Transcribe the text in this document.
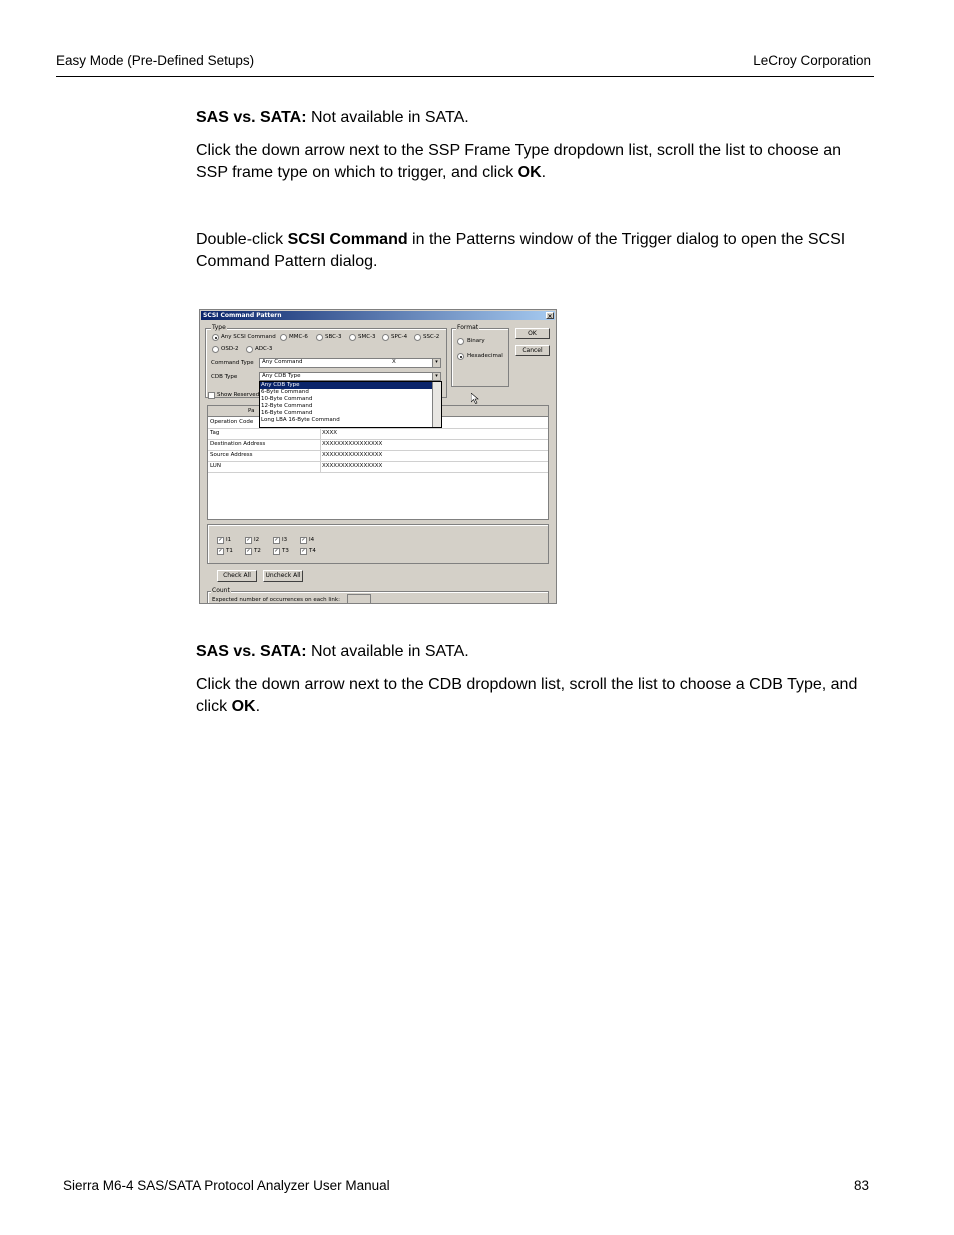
Easy Mode (Pre-Defined Setups)	LeCroy Corporation
SAS vs. SATA: Not available in SATA.
Click the down arrow next to the SSP Frame Type dropdown list, scroll the list to choose an SSP frame type on which to trigger, and click OK.
Double-click SCSI Command in the Patterns window of the Trigger dialog to open the SCSI Command Pattern dialog.
SCSI Command Pattern	×
Type
Any SCSI Command MMC-6	SBC-3	SMC-3	SPC-4	SSC-2
OSD-2	ADC-3
Command Type	Any Command	X	▾
CDB Type	Any CDB Type	▾
Show Reserved
Pa
Operation Code
Tag	XXXX
Destination Address	XXXXXXXXXXXXXXXX
Source Address	XXXXXXXXXXXXXXXX
LUN	XXXXXXXXXXXXXXXX
Any CDB Type
6-Byte Command
10-Byte Command
12-Byte Command
16-Byte Command
Long LBA 16-Byte Command
Format
Binary
Hexadecimal
OK
Cancel
✓ I1	✓ I2	✓ I3	✓ I4
✓ T1	✓ T2	✓ T3	✓ T4
Check All	Uncheck All
Count
Expected number of occurrences on each link:
SAS vs. SATA: Not available in SATA.
Click the down arrow next to the CDB dropdown list, scroll the list to choose a CDB Type, and click OK.
Sierra M6-4 SAS/SATA Protocol Analyzer User Manual	83
